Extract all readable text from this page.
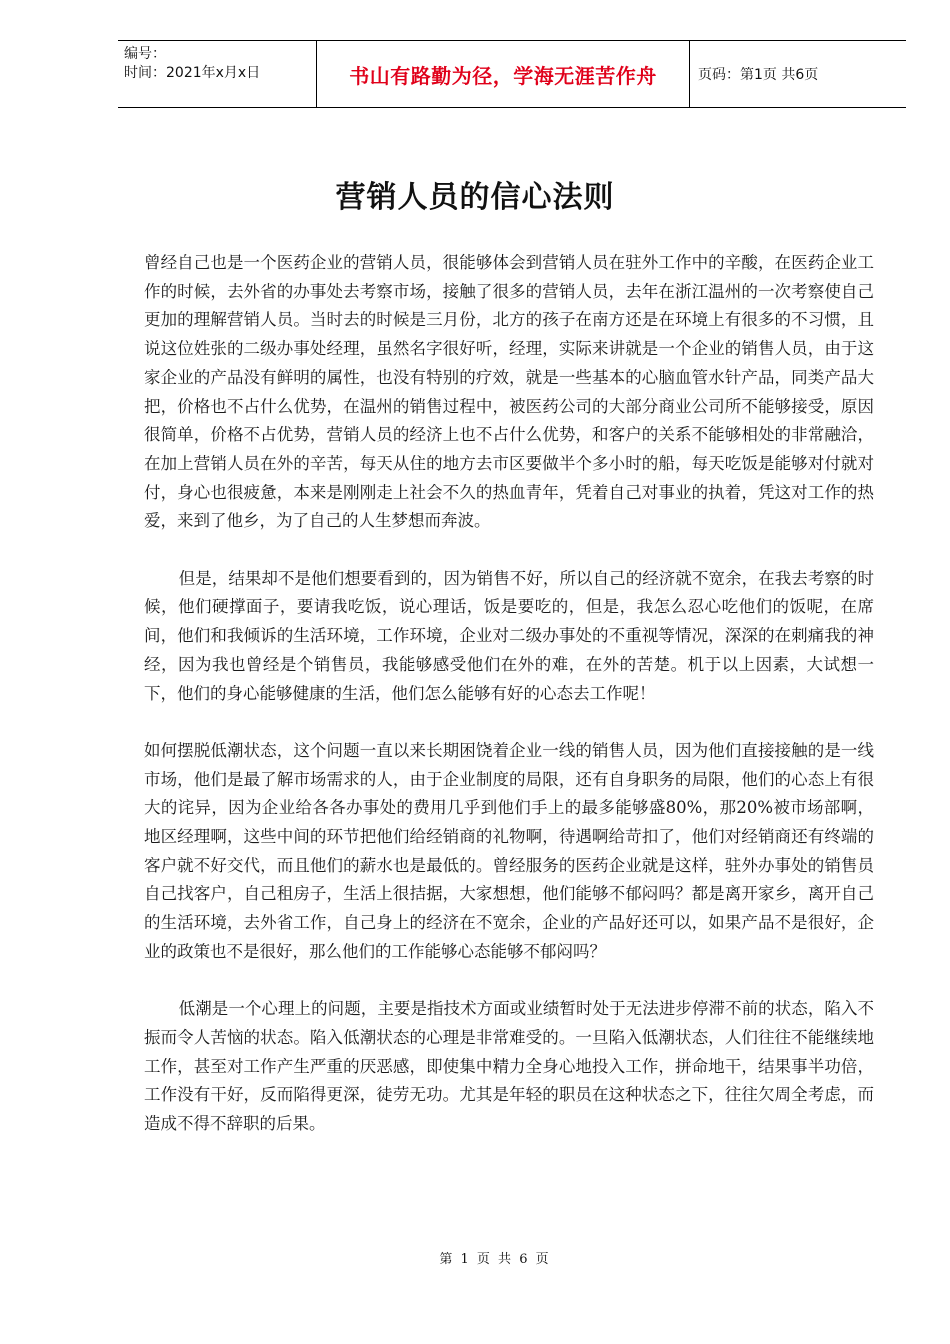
编号：
时间：2021年x月x日	书山有路勤为径，学海无涯苦作舟	页码：第1页 共6页
营销人员的信心法则

曾经自己也是一个医药企业的营销人员，很能够体会到营销人员在驻外工作中的辛酸，在医药企业工作的时候，去外省的办事处去考察市场，接触了很多的营销人员，去年在浙江温州的一次考察使自己更加的理解营销人员。当时去的时候是三月份，北方的孩子在南方还是在环境上有很多的不习惯，且说这位姓张的二级办事处经理，虽然名字很好听，经理，实际来讲就是一个企业的销售人员，由于这家企业的产品没有鲜明的属性，也没有特别的疗效，就是一些基本的心脑血管水针产品，同类产品大把，价格也不占什么优势，在温州的销售过程中，被医药公司的大部分商业公司所不能够接受，原因很简单，价格不占优势，营销人员的经济上也不占什么优势，和客户的关系不能够相处的非常融洽，在加上营销人员在外的辛苦，每天从住的地方去市区要做半个多小时的船，每天吃饭是能够对付就对付，身心也很疲惫，本来是刚刚走上社会不久的热血青年，凭着自己对事业的执着，凭这对工作的热爱，来到了他乡，为了自己的人生梦想而奔波。

但是，结果却不是他们想要看到的，因为销售不好，所以自己的经济就不宽余，在我去考察的时候，他们硬撑面子，要请我吃饭，说心理话，饭是要吃的，但是，我怎么忍心吃他们的饭呢，在席间，他们和我倾诉的生活环境，工作环境，企业对二级办事处的不重视等情况，深深的在刺痛我的神经，因为我也曾经是个销售员，我能够感受他们在外的难，在外的苦楚。机于以上因素，大试想一下，他们的身心能够健康的生活，他们怎么能够有好的心态去工作呢！

如何摆脱低潮状态，这个问题一直以来长期困饶着企业一线的销售人员，因为他们直接接触的是一线市场，他们是最了解市场需求的人，由于企业制度的局限，还有自身职务的局限，他们的心态上有很大的诧异，因为企业给各各办事处的费用几乎到他们手上的最多能够盛80%，那20%被市场部啊，地区经理啊，这些中间的环节把他们给经销商的礼物啊，待遇啊给苛扣了，他们对经销商还有终端的客户就不好交代，而且他们的薪水也是最低的。曾经服务的医药企业就是这样，驻外办事处的销售员自己找客户，自己租房子，生活上很拮据，大家想想，他们能够不郁闷吗？都是离开家乡，离开自己的生活环境，去外省工作，自己身上的经济在不宽余，企业的产品好还可以，如果产品不是很好，企业的政策也不是很好，那么他们的工作能够心态能够不郁闷吗？

低潮是一个心理上的问题，主要是指技术方面或业绩暂时处于无法进步停滞不前的状态，陷入不振而令人苦恼的状态。陷入低潮状态的心理是非常难受的。一旦陷入低潮状态，人们往往不能继续地工作，甚至对工作产生严重的厌恶感，即使集中精力全身心地投入工作，拼命地干，结果事半功倍，工作没有干好，反而陷得更深，徒劳无功。尤其是年轻的职员在这种状态之下，往往欠周全考虑，而造成不得不辞职的后果。

第 1 页 共 6 页
